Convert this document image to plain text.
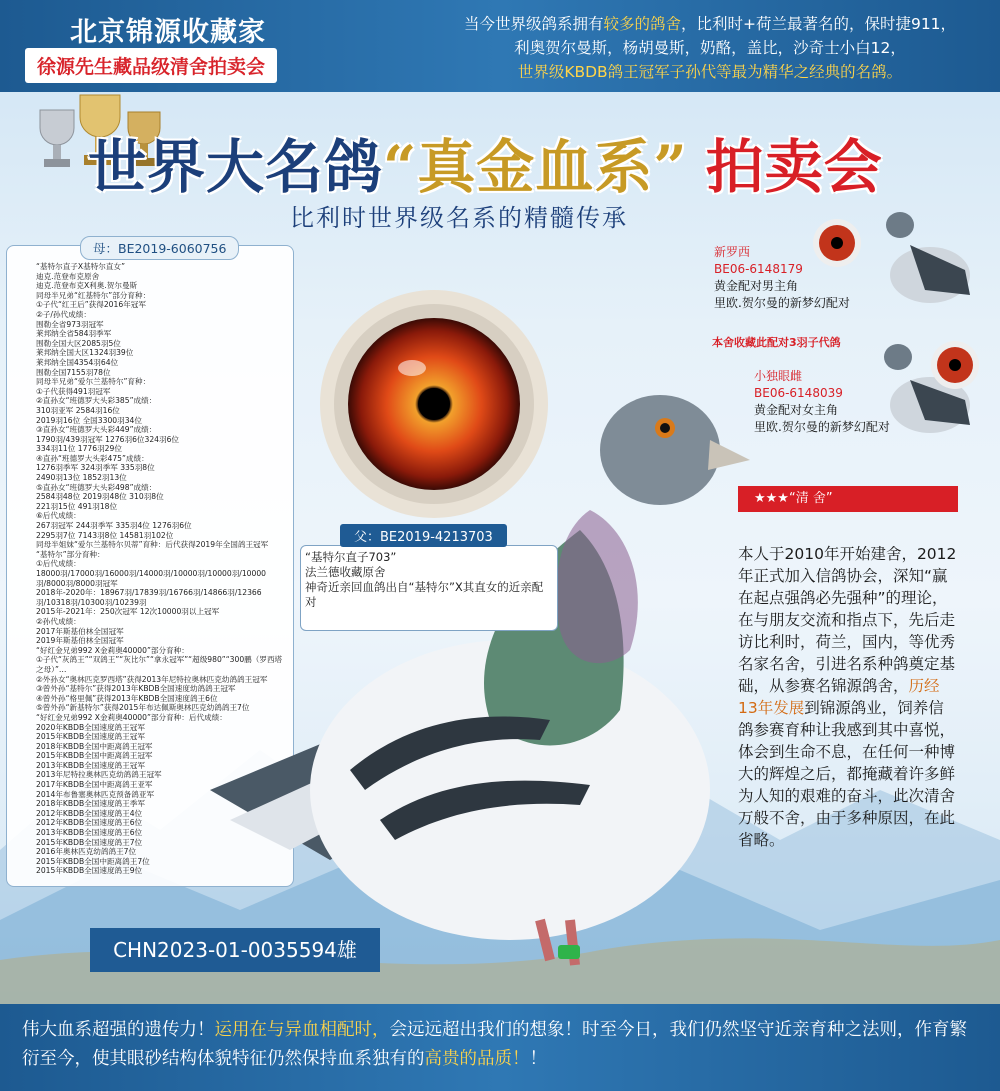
北京锦源收藏家
徐源先生藏品级清舍拍卖会
当今世界级鸽系拥有较多的鸽舍，比利时+荷兰最著名的，保时捷911，
利奥贺尔曼斯，杨胡曼斯，奶酪，盖比，沙奇士小白12，
世界级KBDB鸽王冠军子孙代等最为精华之经典的名鸽。
世界大名鸽“真金血系” 拍卖会
比利时世界级名系的精髓传承
母：BE2019-6060756
“基特尔直子X基特尔直女”
迪克.范登布克原舍
迪克.范登布克X利奥.贺尔曼斯
同母半兄弟“红基特尔”部分育种：
①子代“红王后”获得2016年冠军
②子/孙代成绩：
围勒全省973羽冠军
莱邦纳全省584羽季军
围勒全国大区2085羽5位
莱邦纳全国大区1324羽39位
莱邦纳全国4354羽64位
围勒全国7155羽78位
同母半兄弟“爱尔兰基特尔”育种：
①子代获得491羽冠军
②直孙女“班德罗大头彩385”成绩：
310羽亚军 2584羽16位
2019羽16位 全国3300羽34位
③直孙女“班德罗大头彩449”成绩：
1790羽/439羽冠军 1276羽6位324羽6位
334羽11位 1776羽29位
④直孙“班德罗大头彩475”成绩：
1276羽季军 324羽季军 335羽8位
2490羽13位 1852羽13位
⑤直孙女“班德罗大头彩498”成绩：
2584羽48位 2019羽48位 310羽8位
221羽15位 491羽18位
⑥后代成绩：
267羽冠军 244羽季军 335羽4位 1276羽6位
2295羽7位 7143羽8位 14581羽102位
同母半姐妹“爱尔兰基特尔贝蒂”育种：后代获得2019年全国鸽王冠军
“基特尔”部分育种：
①后代成绩：
18000羽/17000羽/16000羽/14000羽/10000羽/10000羽/10000羽/8000羽/8000羽冠军
2018年-2020年：18967羽/17839羽/16766羽/14866羽/12366羽/10318羽/10300羽/10239羽
2015年-2021年：250次冠军 12次10000羽以上冠军
②孙代成绩：
2017年斯基伯林全国冠军
2019年斯基伯林全国冠军
“好红金兄弟992 X金莉奥40000”部分育种：
①子代“灰鸽王”“双鸽王”“灰比尔”“拿永冠军”“超级980”“300鹏（罗西塔之母）”…
②外孙女“奥林匹克罗西塔”获得2013年尼特拉奥林匹克幼鸽鸽王冠军
③曾外孙“基特尔”获得2013年KBDB全国速度幼鸽鸽王冠军
④曾外孙“格里佩”获得2013年KBDB全国速度鸽王6位
⑤曾外孙“新基特尔”获得2015年布达佩斯奥林匹克幼鸽鸽王7位
“好红金兄弟992 X金莉奥40000”部分育种：后代成绩：
2020年KBDB全国速度鸽王冠军
2015年KBDB全国速度鸽王冠军
2018年KBDB全国中距离鸽王冠军
2015年KBDB全国中距离鸽王冠军
2013年KBDB全国速度鸽王冠军
2013年尼特拉奥林匹克幼鸽鸽王冠军
2017年KBDB全国中距离鸽王亚军
2014年布鲁塞奥林匹克预备鸽亚军
2018年KBDB全国速度鸽王季军
2012年KBDB全国速度鸽王4位
2012年KBDB全国速度鸽王6位
2013年KBDB全国速度鸽王6位
2015年KBDB全国速度鸽王7位
2016年奥林匹克幼鸽鸽王7位
2015年KBDB全国中距离鸽王7位
2015年KBDB全国速度鸽王9位
父：BE2019-4213703
“基特尔直子703”
法兰德收藏原舍
神奇近亲回血鸽出自“基特尔”X其直女的近亲配对
CHN2023-01-0035594雄
新罗西
BE06-6148179
黄金配对男主角
里欧.贺尔曼的新梦幻配对
本舍收藏此配对3羽子代鸽
小独眼雌
BE06-6148039
黄金配对女主角
里欧.贺尔曼的新梦幻配对
★★★“清 舍”
本人于2010年开始建舍，2012年正式加入信鸽协会，深知“赢在起点强鸽必先强种”的理论，在与朋友交流和指点下，先后走访比利时，荷兰，国内，等优秀名家名舍，引进名系种鸽奠定基础，从参赛名锦源鸽舍，历经13年发展到锦源鸽业，饲养信鸽参赛育种让我感到其中喜悦，体会到生命不息，在任何一种博大的辉煌之后，都掩藏着许多鲜为人知的艰难的奋斗，此次清舍万般不舍，由于多种原因，在此省略。
伟大血系超强的遗传力！运用在与异血相配时，会远远超出我们的想象！时至今日，我们仍然坚守近亲育种之法则，作育繁衍至今，使其眼砂结构体貌特征仍然保持血系独有的高贵的品质！！
